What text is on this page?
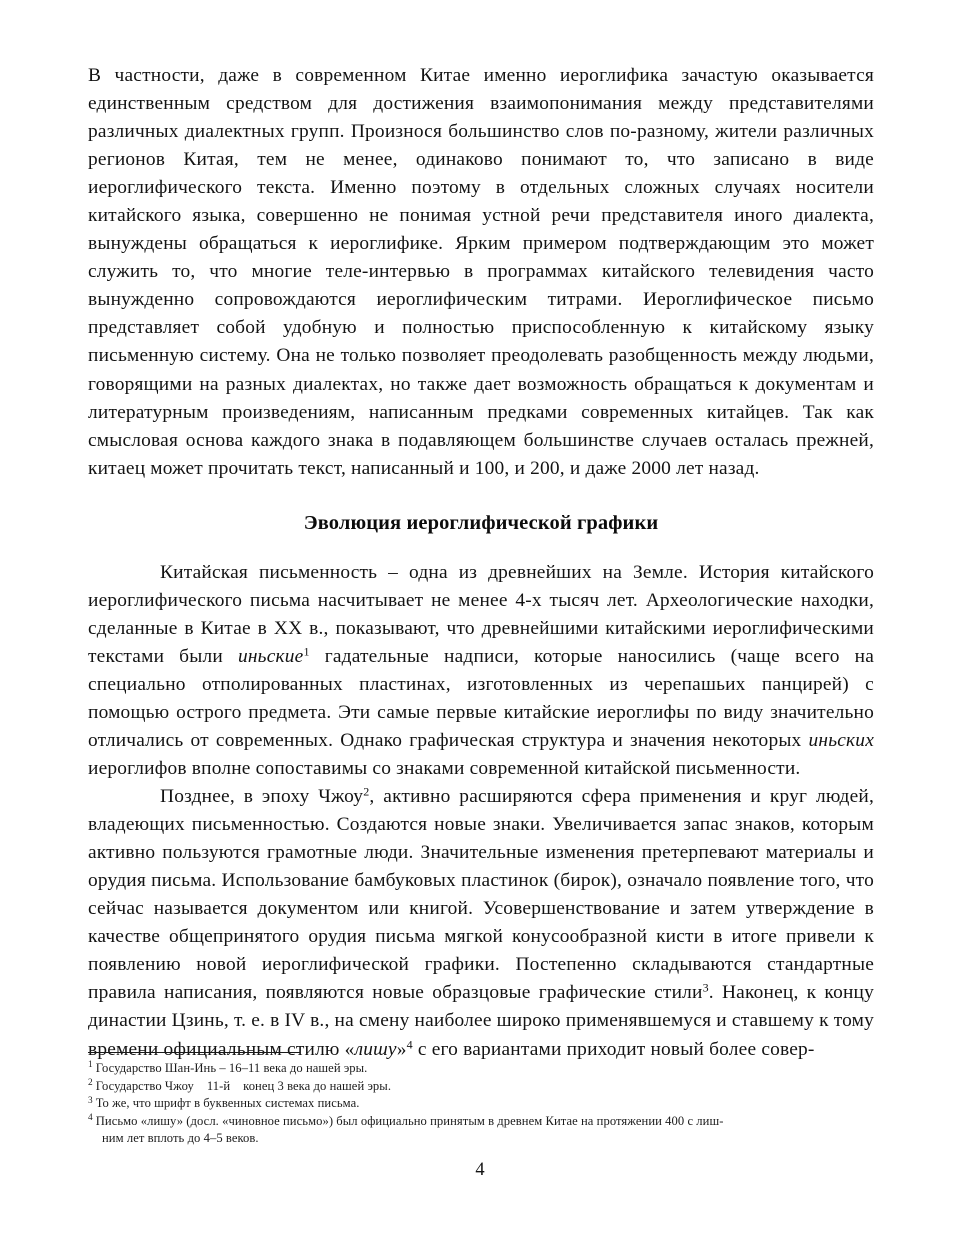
В частности, даже в современном Китае именно иероглифика зачастую оказывается единственным средством для достижения взаимопонимания между представителями различных диалектных групп. Произнося большинство слов по-разному, жители различных регионов Китая, тем не менее, одинаково понимают то, что записано в виде иероглифического текста. Именно поэтому в отдельных сложных случаях носители китайского языка, совершенно не понимая устной речи представителя иного диалекта, вынуждены обращаться к иероглифике. Ярким примером подтверждающим это может служить то, что многие теле-интервью в программах китайского телевидения часто вынужденно сопровождаются иероглифическим титрами. Иероглифическое письмо представляет собой удобную и полностью приспособленную к китайскому языку письменную систему. Она не только позволяет преодолевать разобщенность между людьми, говорящими на разных диалектах, но также дает возможность обращаться к документам и литературным произведениям, написанным предками современных китайцев. Так как смысловая основа каждого знака в подавляющем большинстве случаев осталась прежней, китаец может прочитать текст, написанный и 100, и 200, и даже 2000 лет назад.

Эволюция иероглифической графики

Китайская письменность – одна из древнейших на Земле. История китайского иероглифического письма насчитывает не менее 4-х тысяч лет. Археологические находки, сделанные в Китае в XX в., показывают, что древнейшими китайскими иероглифическими текстами были иньские$^1$ гадательные надписи, которые наносились (чаще всего на специально отполированных пластинах, изготовленных из черепашьих панцирей) с помощью острого предмета. Эти самые первые китайские иероглифы по виду значительно отличались от современных. Однако графическая структура и значения некоторых иньских иероглифов вполне сопоставимы со знаками современной китайской письменности.

Позднее, в эпоху Чжоу$^2$, активно расширяются сфера применения и круг людей, владеющих письменностью. Создаются новые знаки. Увеличивается запас знаков, которым активно пользуются грамотные люди. Значительные изменения претерпевают материалы и орудия письма. Использование бамбуковых пластинок (бирок), означало появление того, что сейчас называется документом или книгой. Усовершенствование и затем утверждение в качестве общепринятого орудия письма мягкой конусообразной кисти в итоге привели к появлению новой иероглифической графики. Постепенно складываются стандартные правила написания, появляются новые образцовые графические стили$^3$. Наконец, к концу династии Цзинь, т. е. в IV в., на смену наиболее широко применявшемуся и ставшему к тому времени официальным стилю «лишу»$^4$ с его вариантами приходит новый более совер-

$^1$ Государство Шан-Инь – 16–11 века до нашей эры.

$^2$ Государство Чжоу 11-й конец 3 века до нашей эры.

$^3$ То же, что шрифт в буквенных системах письма.

$^4$ Письмо «лишу» (досл. «чиновное письмо») был официально принятым в древнем Китае на протяжении 400 с лиш-

ним лет вплоть до 4–5 веков.

4
